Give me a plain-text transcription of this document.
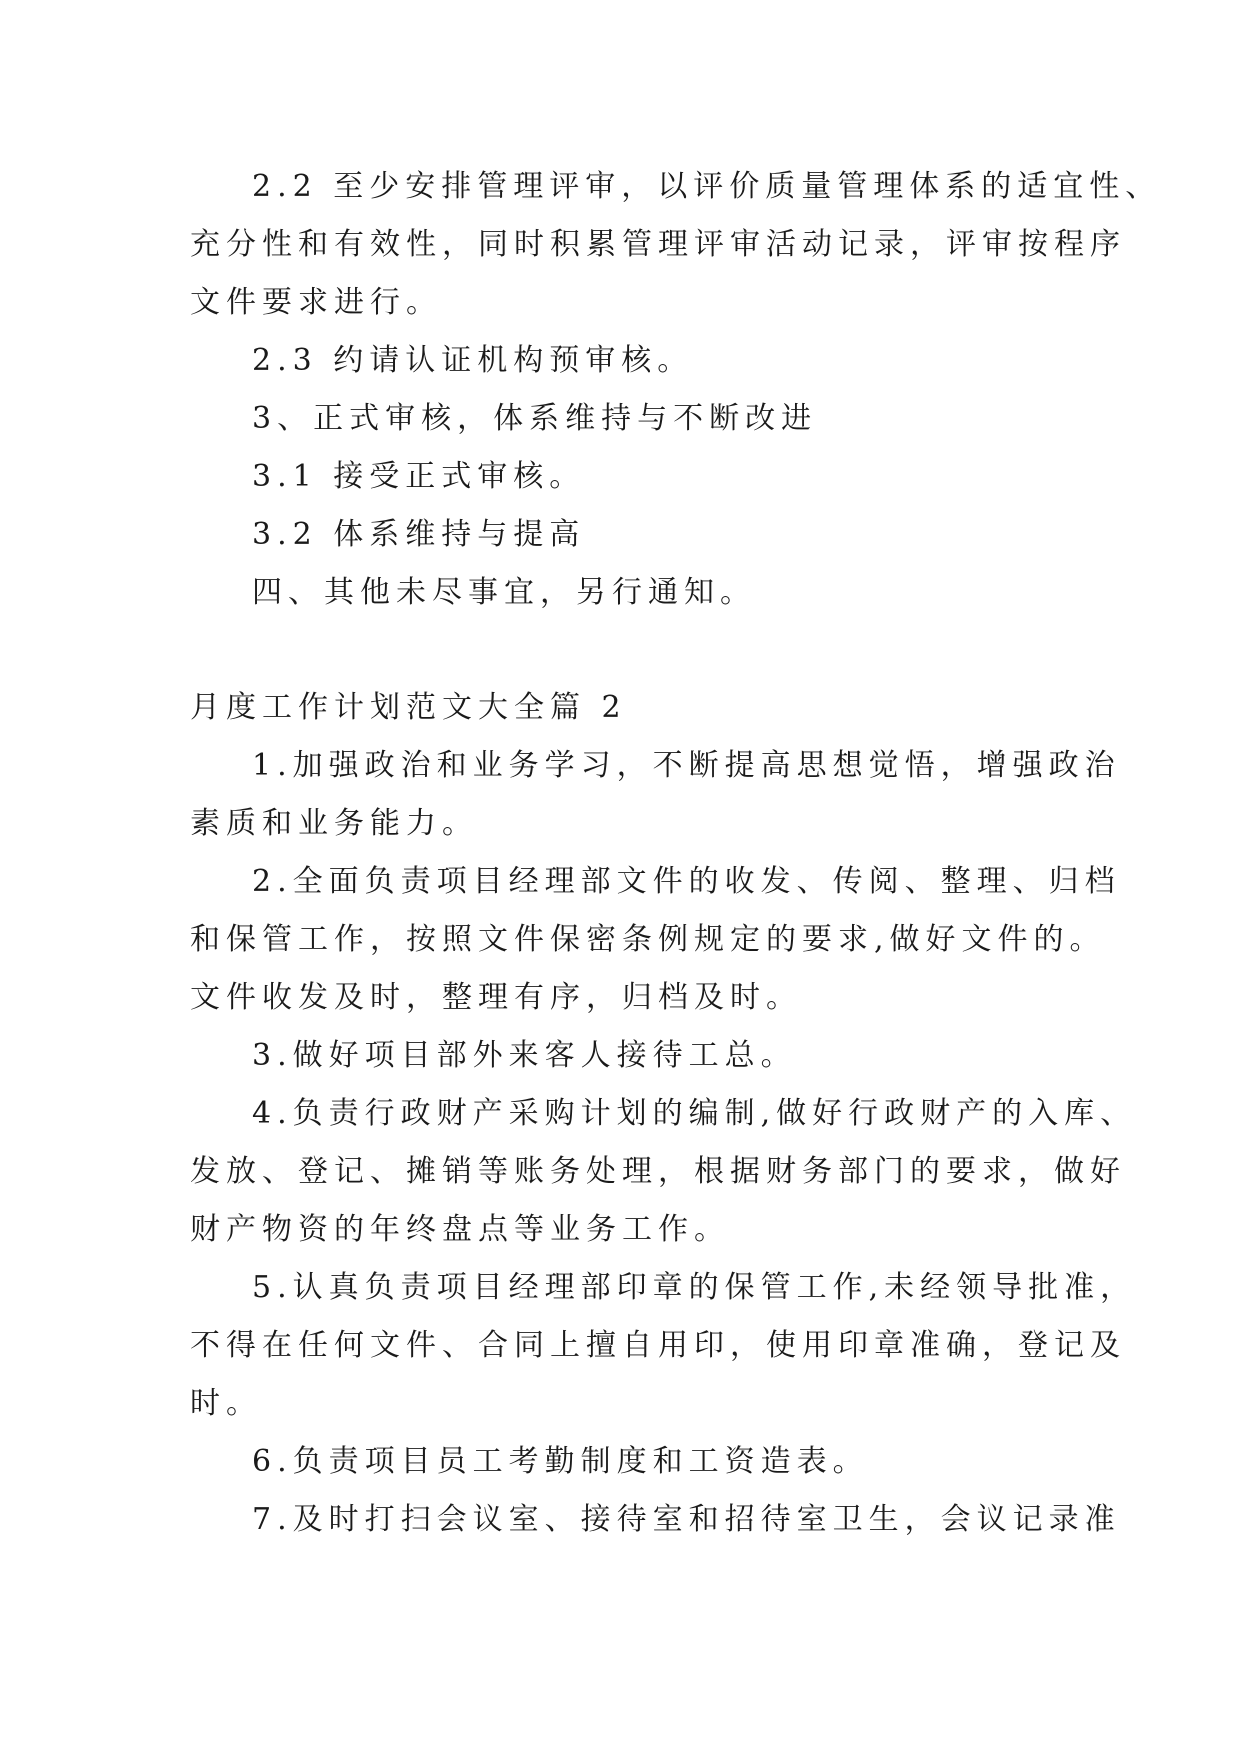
2.2 至少安排管理评审，以评价质量管理体系的适宜性、
充分性和有效性，同时积累管理评审活动记录，评审按程序
文件要求进行。
2.3 约请认证机构预审核。
3、正式审核，体系维持与不断改进
3.1 接受正式审核。
3.2 体系维持与提高
四、其他未尽事宜，另行通知。
月度工作计划范文大全篇 2
1.加强政治和业务学习，不断提高思想觉悟，增强政治
素质和业务能力。
2.全面负责项目经理部文件的收发、传阅、整理、归档
和保管工作，按照文件保密条例规定的要求,做好文件的。
文件收发及时，整理有序，归档及时。
3.做好项目部外来客人接待工总。
4.负责行政财产采购计划的编制,做好行政财产的入库、
发放、登记、摊销等账务处理，根据财务部门的要求，做好
财产物资的年终盘点等业务工作。
5.认真负责项目经理部印章的保管工作,未经领导批准，
不得在任何文件、合同上擅自用印，使用印章准确，登记及
时。
6.负责项目员工考勤制度和工资造表。
7.及时打扫会议室、接待室和招待室卫生，会议记录准
